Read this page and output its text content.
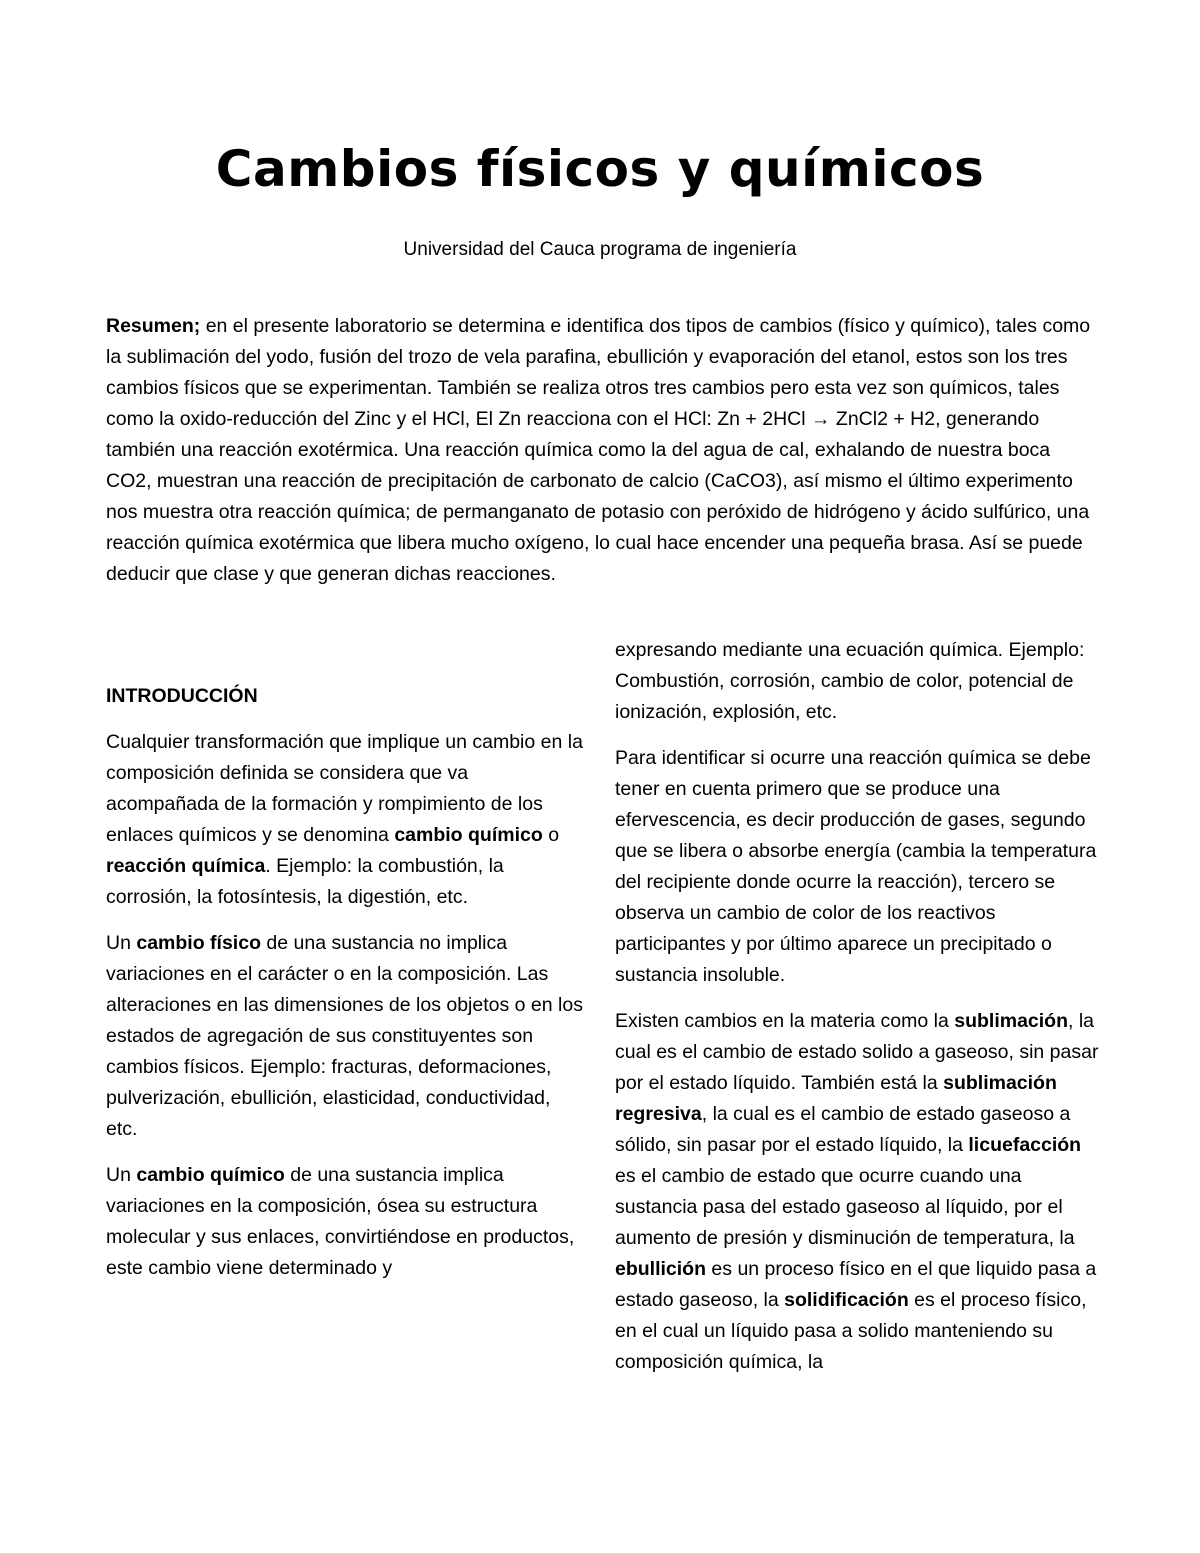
Cambios físicos y químicos

Universidad del Cauca programa de ingeniería

Resumen; en el presente laboratorio se determina e identifica dos tipos de cambios (físico y químico), tales como la sublimación del yodo, fusión del trozo de vela parafina, ebullición y evaporación del etanol, estos son los tres cambios físicos que se experimentan. También se realiza otros tres cambios pero esta vez son químicos, tales como la oxido-reducción del Zinc y el HCl, El Zn reacciona con el HCl: Zn + 2HCl → ZnCl2 + H2, generando también una reacción exotérmica. Una reacción química como la del agua de cal, exhalando de nuestra boca CO2, muestran una reacción de precipitación de carbonato de calcio (CaCO3), así mismo el último experimento nos muestra otra reacción química; de permanganato de potasio con peróxido de hidrógeno y ácido sulfúrico, una reacción química exotérmica que libera mucho oxígeno, lo cual hace encender una pequeña brasa. Así se puede deducir que clase y que generan dichas reacciones.

INTRODUCCIÓN

Cualquier transformación que implique un cambio en la composición definida se considera que va acompañada de la formación y rompimiento de los enlaces químicos y se denomina cambio químico o reacción química. Ejemplo: la combustión, la corrosión, la fotosíntesis, la digestión, etc.

Un cambio físico de una sustancia no implica variaciones en el carácter o en la composición. Las alteraciones en las dimensiones de los objetos o en los estados de agregación de sus constituyentes son cambios físicos. Ejemplo: fracturas, deformaciones, pulverización, ebullición, elasticidad, conductividad, etc.

Un cambio químico de una sustancia implica variaciones en la composición, ósea su estructura molecular y sus enlaces, convirtiéndose en productos, este cambio viene determinado y

expresando mediante una ecuación química. Ejemplo: Combustión, corrosión, cambio de color, potencial de ionización, explosión, etc.

Para identificar si ocurre una reacción química se debe tener en cuenta primero que se produce una efervescencia, es decir producción de gases, segundo que se libera o absorbe energía (cambia la temperatura del recipiente donde ocurre la reacción), tercero se observa un cambio de color de los reactivos participantes y por último aparece un precipitado o sustancia insoluble.

Existen cambios en la materia como la sublimación, la cual es el cambio de estado solido a gaseoso, sin pasar por el estado líquido. También está la sublimación regresiva, la cual es el cambio de estado gaseoso a sólido, sin pasar por el estado líquido, la licuefacción es el cambio de estado que ocurre cuando una sustancia pasa del estado gaseoso al líquido, por el aumento de presión y disminución de temperatura, la ebullición es un proceso físico en el que liquido pasa a estado gaseoso, la solidificación es el proceso físico, en el cual un líquido pasa a solido manteniendo su composición química, la
